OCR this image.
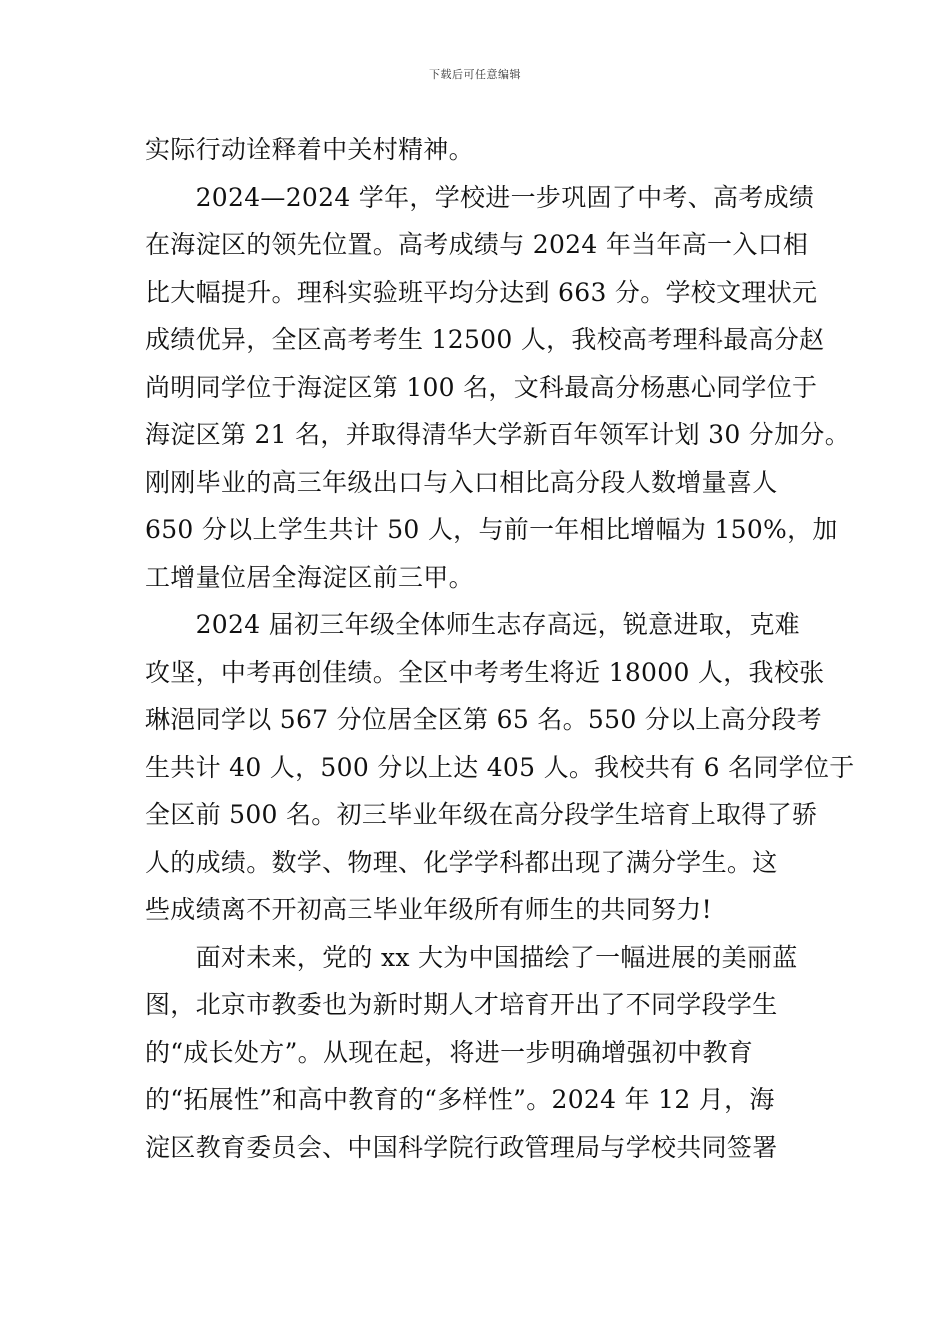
下载后可任意编辑
实际行动诠释着中关村精神。
　　2024—2024 学年，学校进一步巩固了中考、高考成绩
在海淀区的领先位置。高考成绩与 2024 年当年高一入口相
比大幅提升。理科实验班平均分达到 663 分。学校文理状元
成绩优异，全区高考考生 12500 人，我校高考理科最高分赵
尚明同学位于海淀区第 100 名，文科最高分杨惠心同学位于
海淀区第 21 名，并取得清华大学新百年领军计划 30 分加分。
刚刚毕业的高三年级出口与入口相比高分段人数增量喜人
650 分以上学生共计 50 人，与前一年相比增幅为 150%，加
工增量位居全海淀区前三甲。
　　2024 届初三年级全体师生志存高远，锐意进取，克难
攻坚，中考再创佳绩。全区中考考生将近 18000 人，我校张
琳浥同学以 567 分位居全区第 65 名。550 分以上高分段考
生共计 40 人，500 分以上达 405 人。我校共有 6 名同学位于
全区前 500 名。初三毕业年级在高分段学生培育上取得了骄
人的成绩。数学、物理、化学学科都出现了满分学生。这
些成绩离不开初高三毕业年级所有师生的共同努力!
　　面对未来，党的 xx 大为中国描绘了一幅进展的美丽蓝
图，北京市教委也为新时期人才培育开出了不同学段学生
的“成长处方”。从现在起，将进一步明确增强初中教育
的“拓展性”和高中教育的“多样性”。2024 年 12 月，海
淀区教育委员会、中国科学院行政管理局与学校共同签署
